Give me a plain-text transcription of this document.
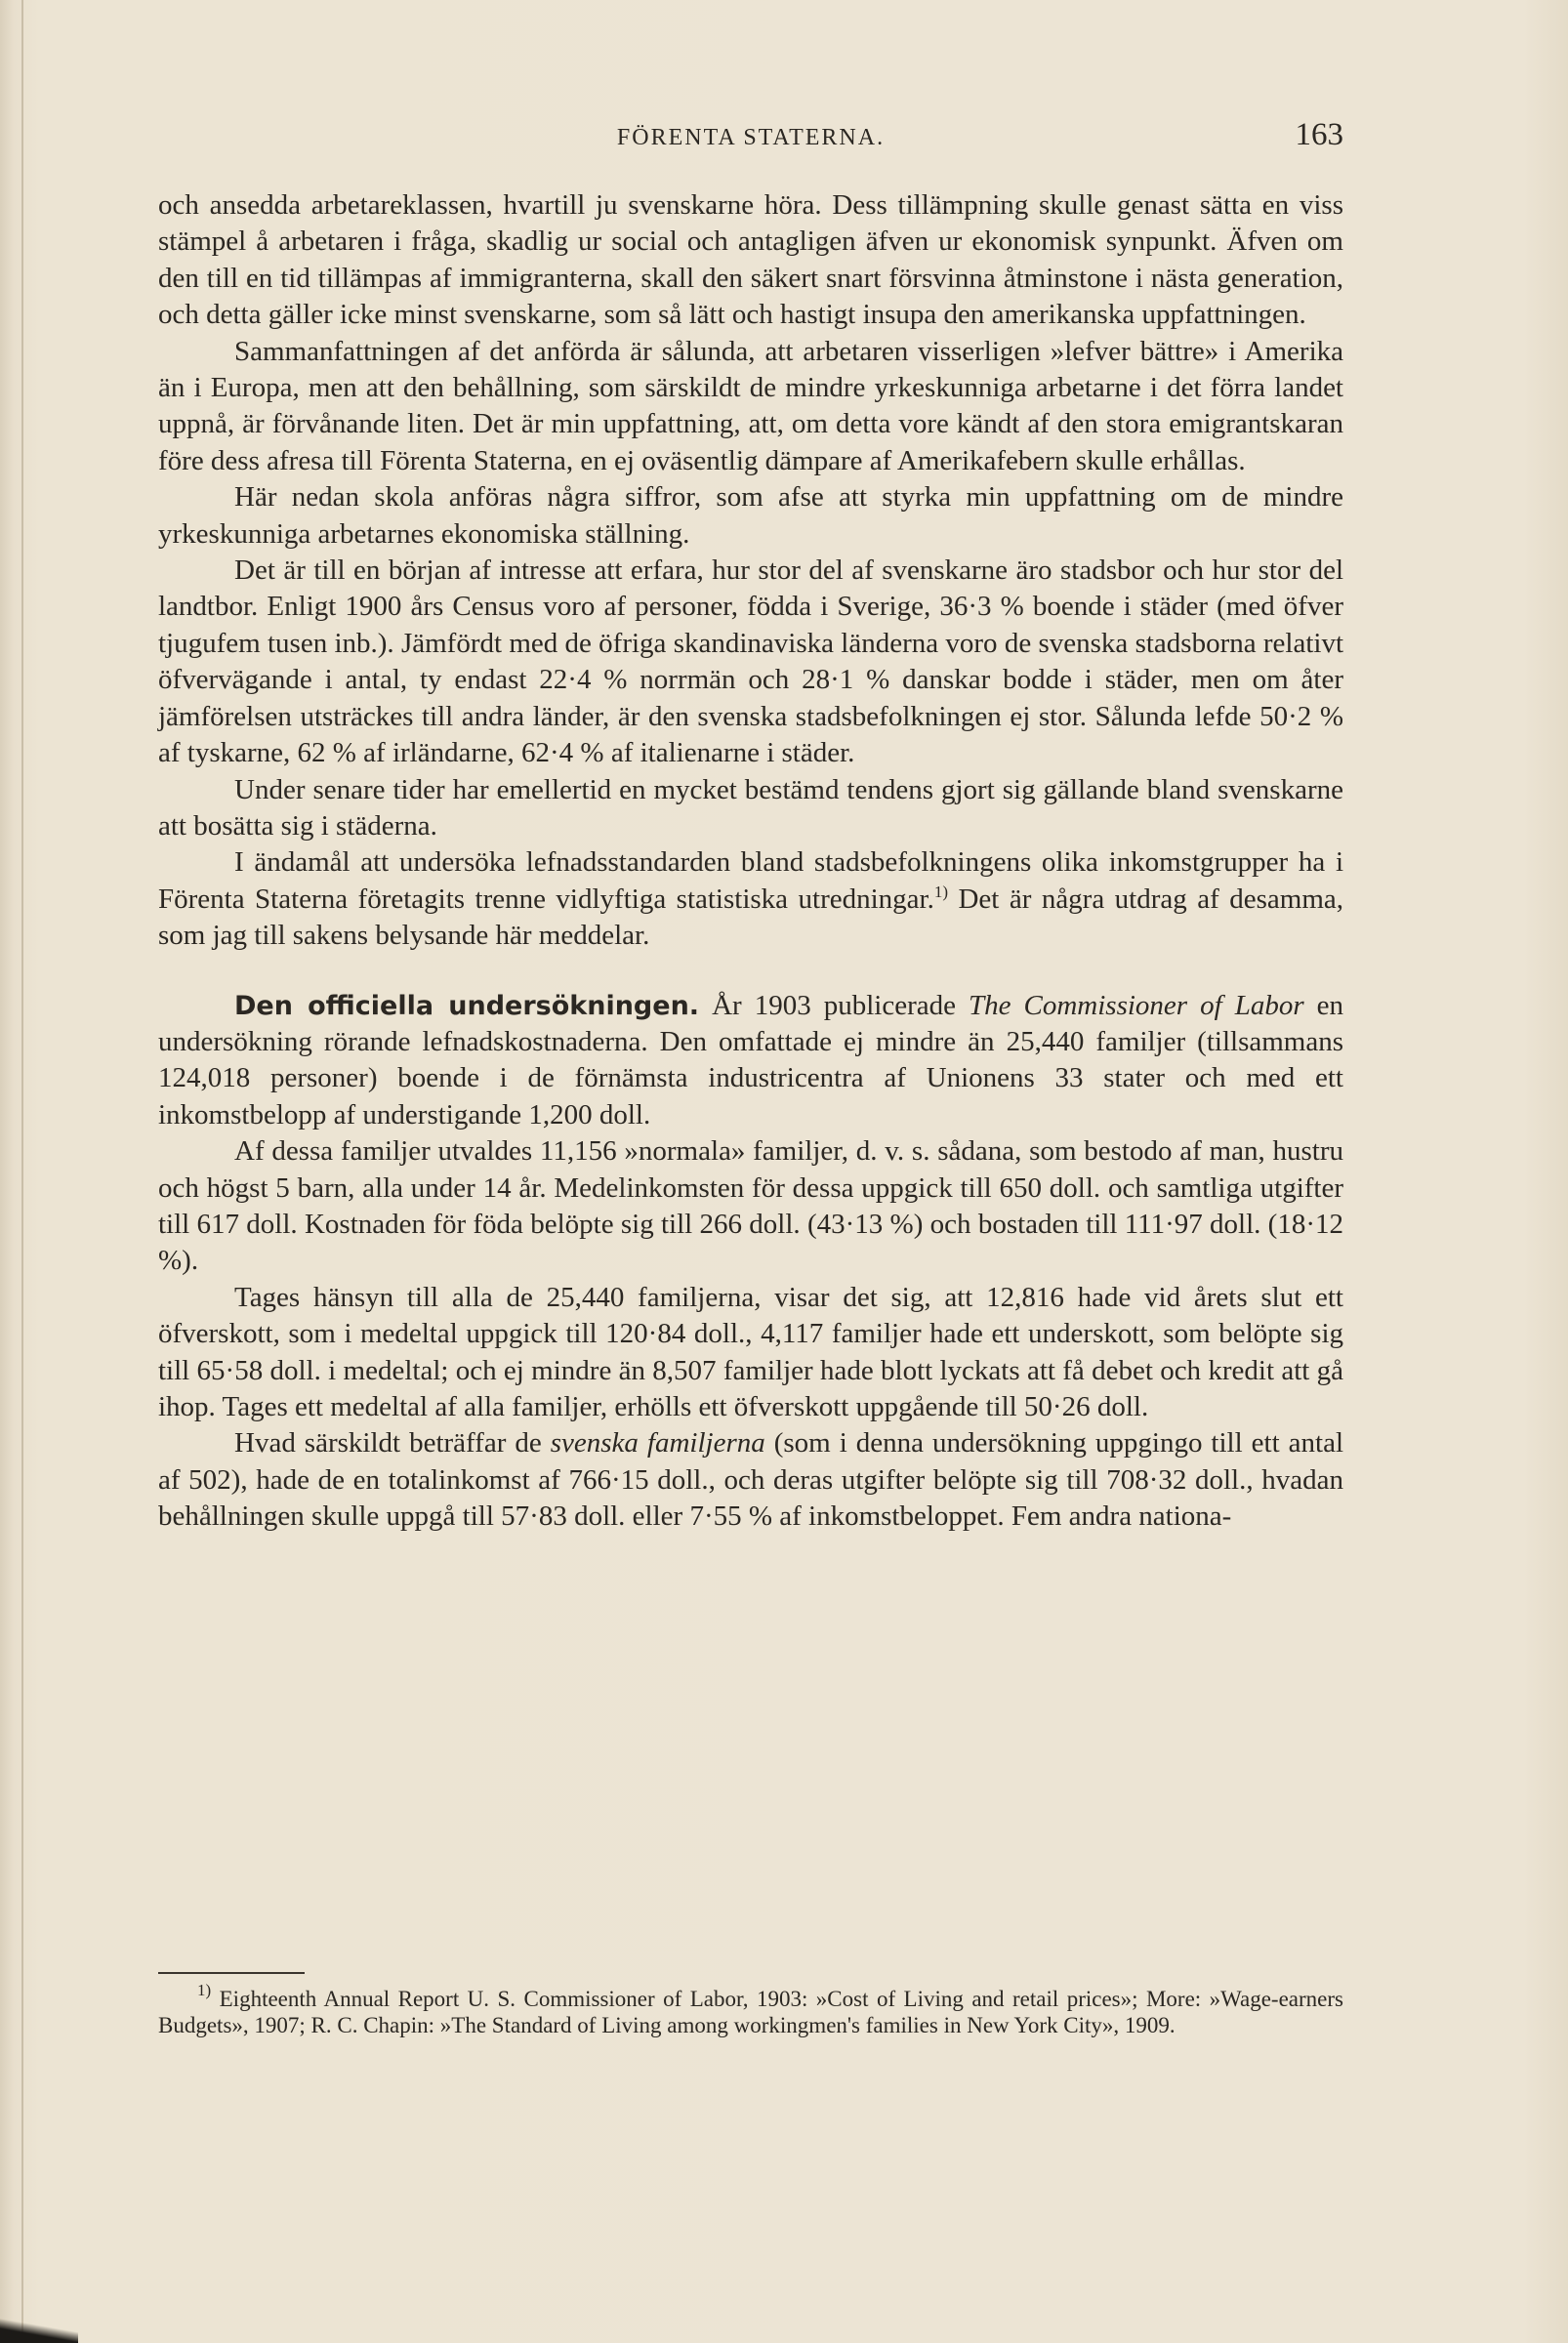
FÖRENTA STATERNA.	163

och ansedda arbetareklassen, hvartill ju svenskarne höra. Dess tillämpning skulle genast sätta en viss stämpel å arbetaren i fråga, skadlig ur social och antagligen äfven ur ekonomisk synpunkt. Äfven om den till en tid tillämpas af immigranterna, skall den säkert snart försvinna åtminstone i nästa generation, och detta gäller icke minst svenskarne, som så lätt och hastigt insupa den amerikanska uppfattningen.

Sammanfattningen af det anförda är sålunda, att arbetaren visserligen »lefver bättre» i Amerika än i Europa, men att den behållning, som särskildt de mindre yrkeskunniga arbetarne i det förra landet uppnå, är förvånande liten. Det är min uppfattning, att, om detta vore kändt af den stora emigrantskaran före dess afresa till Förenta Staterna, en ej oväsentlig dämpare af Amerikafebern skulle erhållas.

Här nedan skola anföras några siffror, som afse att styrka min uppfattning om de mindre yrkeskunniga arbetarnes ekonomiska ställning.

Det är till en början af intresse att erfara, hur stor del af svenskarne äro stadsbor och hur stor del landtbor. Enligt 1900 års Census voro af personer, födda i Sverige, 36·3 % boende i städer (med öfver tjugufem tusen inb.). Jämfördt med de öfriga skandinaviska länderna voro de svenska stadsborna relativt öfvervägande i antal, ty endast 22·4 % norrmän och 28·1 % danskar bodde i städer, men om åter jämförelsen utsträckes till andra länder, är den svenska stadsbefolkningen ej stor. Sålunda lefde 50·2 % af tyskarne, 62 % af irländarne, 62·4 % af italienarne i städer.

Under senare tider har emellertid en mycket bestämd tendens gjort sig gällande bland svenskarne att bosätta sig i städerna.

I ändamål att undersöka lefnadsstandarden bland stadsbefolkningens olika inkomstgrupper ha i Förenta Staterna företagits trenne vidlyftiga statistiska utredningar.$^{1)}$ Det är några utdrag af desamma, som jag till sakens belysande här meddelar.

Den officiella undersökningen. År 1903 publicerade The Commissioner of Labor en undersökning rörande lefnadskostnaderna. Den omfattade ej mindre än 25,440 familjer (tillsammans 124,018 personer) boende i de förnämsta industricentra af Unionens 33 stater och med ett inkomstbelopp af understigande 1,200 doll.

Af dessa familjer utvaldes 11,156 »normala» familjer, d. v. s. sådana, som bestodo af man, hustru och högst 5 barn, alla under 14 år. Medelinkomsten för dessa uppgick till 650 doll. och samtliga utgifter till 617 doll. Kostnaden för föda belöpte sig till 266 doll. (43·13 %) och bostaden till 111·97 doll. (18·12 %).

Tages hänsyn till alla de 25,440 familjerna, visar det sig, att 12,816 hade vid årets slut ett öfverskott, som i medeltal uppgick till 120·84 doll., 4,117 familjer hade ett underskott, som belöpte sig till 65·58 doll. i medeltal; och ej mindre än 8,507 familjer hade blott lyckats att få debet och kredit att gå ihop. Tages ett medeltal af alla familjer, erhölls ett öfverskott uppgående till 50·26 doll.

Hvad särskildt beträffar de svenska familjerna (som i denna undersökning uppgingo till ett antal af 502), hade de en totalinkomst af 766·15 doll., och deras utgifter belöpte sig till 708·32 doll., hvadan behållningen skulle uppgå till 57·83 doll. eller 7·55 % af inkomstbeloppet. Fem andra nationa-

$^{1)}$ Eighteenth Annual Report U. S. Commissioner of Labor, 1903: »Cost of Living and retail prices»; More: »Wage-earners Budgets», 1907; R. C. Chapin: »The Standard of Living among workingmen's families in New York City», 1909.
